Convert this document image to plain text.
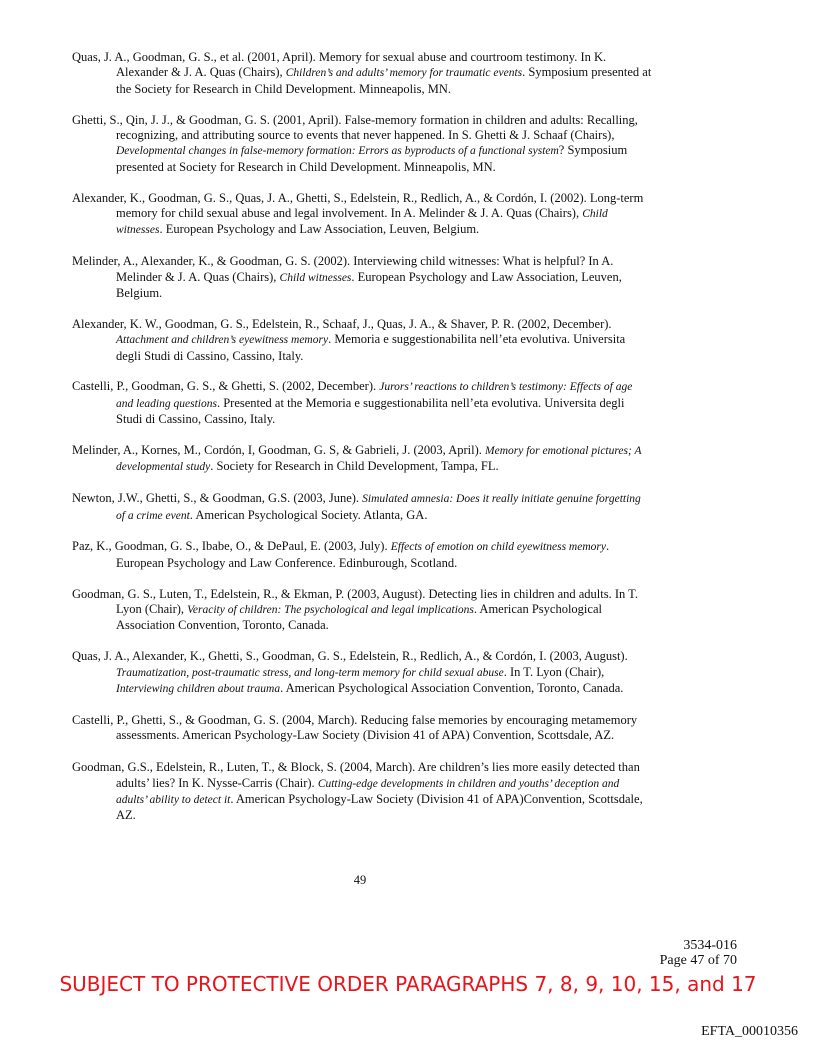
Quas, J. A., Goodman, G. S., et al. (2001, April). Memory for sexual abuse and courtroom testimony. In K. Alexander & J. A. Quas (Chairs), Children’s and adults’ memory for traumatic events. Symposium presented at the Society for Research in Child Development. Minneapolis, MN.

Ghetti, S., Qin, J. J., & Goodman, G. S. (2001, April). False-memory formation in children and adults: Recalling, recognizing, and attributing source to events that never happened. In S. Ghetti & J. Schaaf (Chairs), Developmental changes in false-memory formation: Errors as byproducts of a functional system? Symposium presented at Society for Research in Child Development. Minneapolis, MN.

Alexander, K., Goodman, G. S., Quas, J. A., Ghetti, S., Edelstein, R., Redlich, A., & Cordón, I. (2002). Long-term memory for child sexual abuse and legal involvement. In A. Melinder & J. A. Quas (Chairs), Child witnesses. European Psychology and Law Association, Leuven, Belgium.

Melinder, A., Alexander, K., & Goodman, G. S. (2002). Interviewing child witnesses: What is helpful? In A. Melinder & J. A. Quas (Chairs), Child witnesses. European Psychology and Law Association, Leuven, Belgium.

Alexander, K. W., Goodman, G. S., Edelstein, R., Schaaf, J., Quas, J. A., & Shaver, P. R. (2002, December). Attachment and children’s eyewitness memory. Memoria e suggestionabilita nell’eta evolutiva. Universita degli Studi di Cassino, Cassino, Italy.

Castelli, P., Goodman, G. S., & Ghetti, S. (2002, December). Jurors’ reactions to children’s testimony: Effects of age and leading questions. Presented at the Memoria e suggestionabilita nell’eta evolutiva. Universita degli Studi di Cassino, Cassino, Italy.

Melinder, A., Kornes, M., Cordón, I, Goodman, G. S, & Gabrieli, J. (2003, April). Memory for emotional pictures; A developmental study. Society for Research in Child Development, Tampa, FL.

Newton, J.W., Ghetti, S., & Goodman, G.S. (2003, June). Simulated amnesia: Does it really initiate genuine forgetting of a crime event. American Psychological Society. Atlanta, GA.

Paz, K., Goodman, G. S., Ibabe, O., & DePaul, E. (2003, July). Effects of emotion on child eyewitness memory. European Psychology and Law Conference. Edinburough, Scotland.

Goodman, G. S., Luten, T., Edelstein, R., & Ekman, P. (2003, August). Detecting lies in children and adults. In T. Lyon (Chair), Veracity of children: The psychological and legal implications. American Psychological Association Convention, Toronto, Canada.

Quas, J. A., Alexander, K., Ghetti, S., Goodman, G. S., Edelstein, R., Redlich, A., & Cordón, I. (2003, August). Traumatization, post-traumatic stress, and long-term memory for child sexual abuse. In T. Lyon (Chair), Interviewing children about trauma. American Psychological Association Convention, Toronto, Canada.

Castelli, P., Ghetti, S., & Goodman, G. S. (2004, March). Reducing false memories by encouraging metamemory assessments. American Psychology-Law Society (Division 41 of APA) Convention, Scottsdale, AZ.

Goodman, G.S., Edelstein, R., Luten, T., & Block, S. (2004, March). Are children’s lies more easily detected than adults’ lies? In K. Nysse-Carris (Chair). Cutting-edge developments in children and youths’ deception and adults’ ability to detect it. American Psychology-Law Society (Division 41 of APA)Convention, Scottsdale, AZ.

49
3534-016
Page 47 of 70
SUBJECT TO PROTECTIVE ORDER PARAGRAPHS 7, 8, 9, 10, 15, and 17
EFTA_00010356
